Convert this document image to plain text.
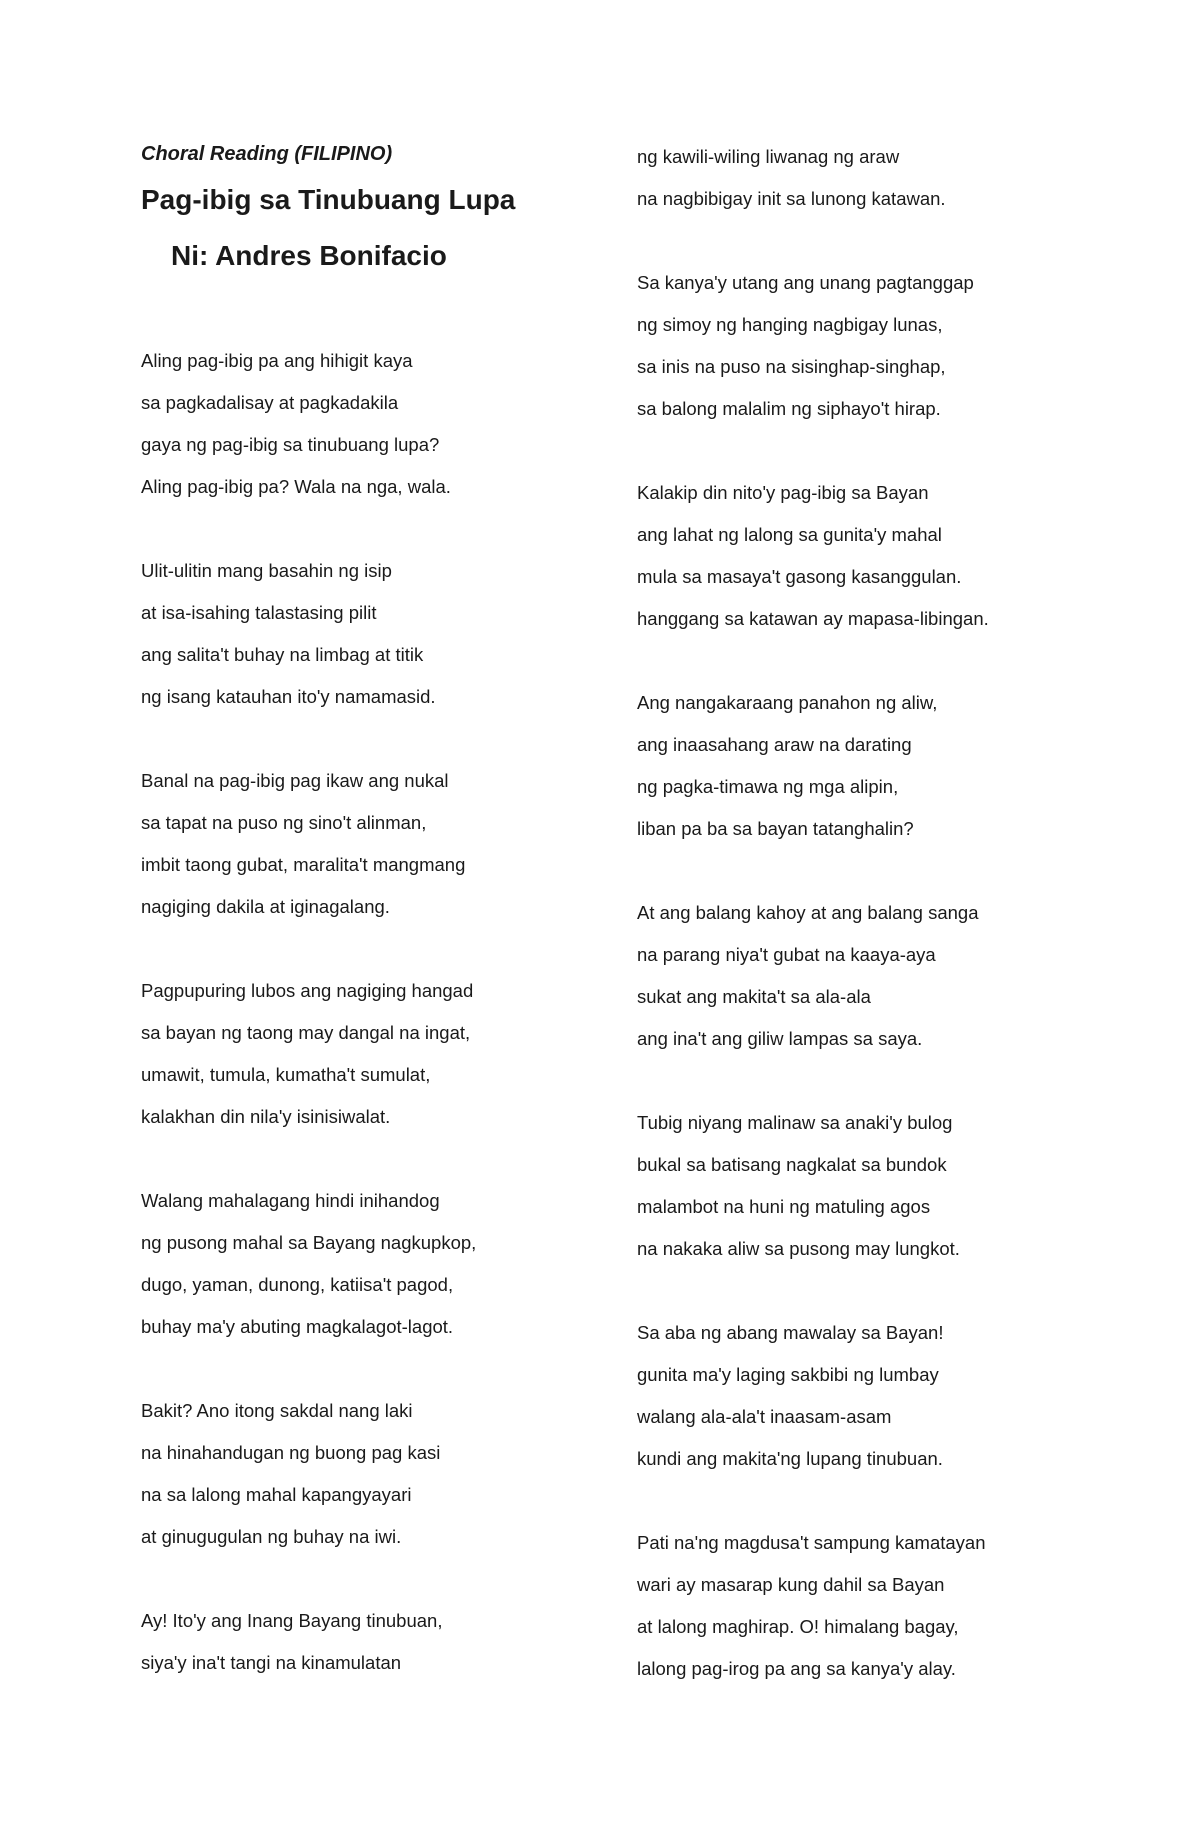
Choral Reading (FILIPINO)
Pag-ibig sa Tinubuang Lupa
Ni: Andres Bonifacio
Aling pag-ibig pa ang hihigit kaya
sa pagkadalisay at pagkadakila
gaya ng pag-ibig sa tinubuang lupa?
Aling pag-ibig pa? Wala na nga, wala.
Ulit-ulitin mang basahin ng isip
at isa-isahing talastasing pilit
ang salita't buhay na limbag at titik
ng isang katauhan ito'y namamasid.
Banal na pag-ibig pag ikaw ang nukal
sa tapat na puso ng sino't alinman,
imbit taong gubat, maralita't mangmang
nagiging dakila at iginagalang.
Pagpupuring lubos ang nagiging hangad
sa bayan ng taong may dangal na ingat,
umawit, tumula, kumatha't sumulat,
kalakhan din nila'y isinisiwalat.
Walang mahalagang hindi inihandog
ng pusong mahal sa Bayang nagkupkop,
dugo, yaman, dunong, katiisa't pagod,
buhay ma'y abuting magkalagot-lagot.
Bakit? Ano itong sakdal nang laki
na hinahandugan ng buong pag kasi
na sa lalong mahal kapangyayari
at ginugugulan ng buhay na iwi.
Ay! Ito'y ang Inang Bayang tinubuan,
siya'y ina't tangi na kinamulatan
ng kawili-wiling liwanag ng araw
na nagbibigay init sa lunong katawan.
Sa kanya'y utang ang unang pagtanggap
ng simoy ng hanging nagbigay lunas,
sa inis na puso na sisinghap-singhap,
sa balong malalim ng siphayo't hirap.
Kalakip din nito'y pag-ibig sa Bayan
ang lahat ng lalong sa gunita'y mahal
mula sa masaya't gasong kasanggulan.
hanggang sa katawan ay mapasa-libingan.
Ang nangakaraang panahon ng aliw,
ang inaasahang araw na darating
ng pagka-timawa ng mga alipin,
liban pa ba sa bayan tatanghalin?
At ang balang kahoy at ang balang sanga
na parang niya't gubat na kaaya-aya
sukat ang makita't sa ala-ala
ang ina't ang giliw lampas sa saya.
Tubig niyang malinaw sa anaki'y bulog
bukal sa batisang nagkalat sa bundok
malambot na huni ng matuling agos
na nakaka aliw sa pusong may lungkot.
Sa aba ng abang mawalay sa Bayan!
gunita ma'y laging sakbibi ng lumbay
walang ala-ala't inaasam-asam
kundi ang makita'ng lupang tinubuan.
Pati na'ng magdusa't sampung kamatayan
wari ay masarap kung dahil sa Bayan
at lalong maghirap. O! himalang bagay,
lalong pag-irog pa ang sa kanya'y alay.
